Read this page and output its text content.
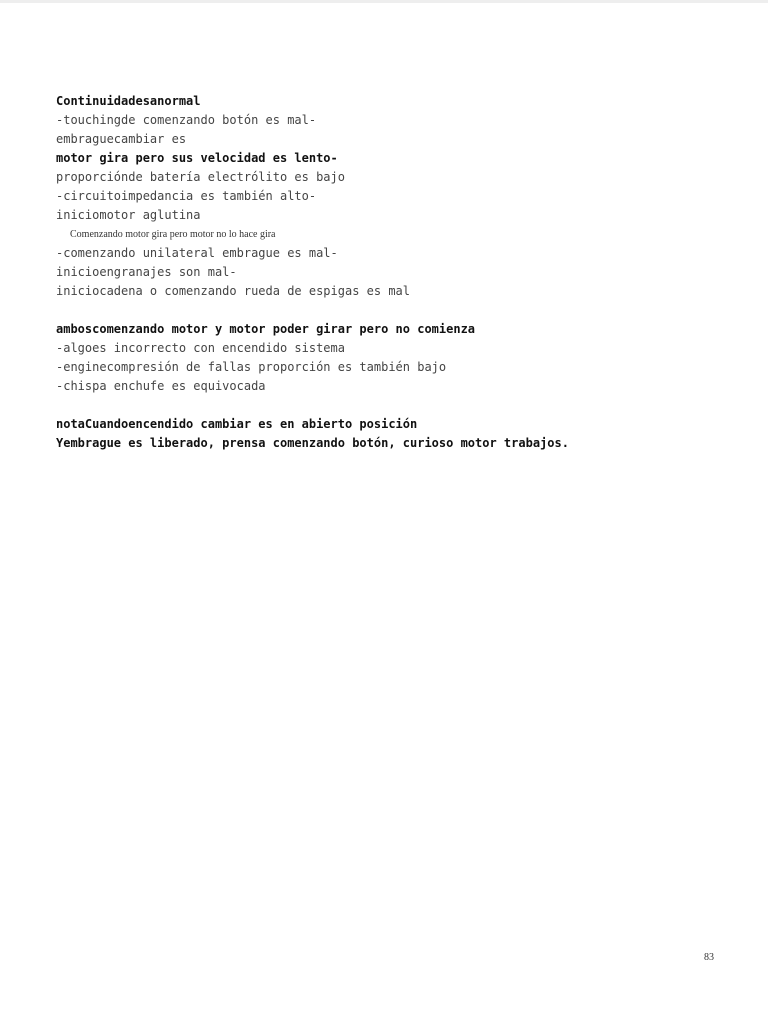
Continuidadesanormal
-touchingde comenzando botón es mal-
embraguecambiar es
motor gira pero sus velocidad es lento-
proporciónde batería electrólito es bajo
-circuitoimpedancia es también alto-
iniciomotor aglutina
Comenzando motor gira pero motor no lo hace gira
-comenzando unilateral embrague es mal-
inicioengranajes son mal-
iniciocadena o comenzando rueda de espigas es mal
amboscomenzando motor y motor poder girar pero no comienza
-algoes incorrecto con encendido sistema
-enginecompresión de fallas proporción es también bajo
-chispa enchufe es equivocada
notaCuandoencendido cambiar es en abierto posición
Yembrague es liberado, prensa comenzando botón, curioso motor trabajos.
83
